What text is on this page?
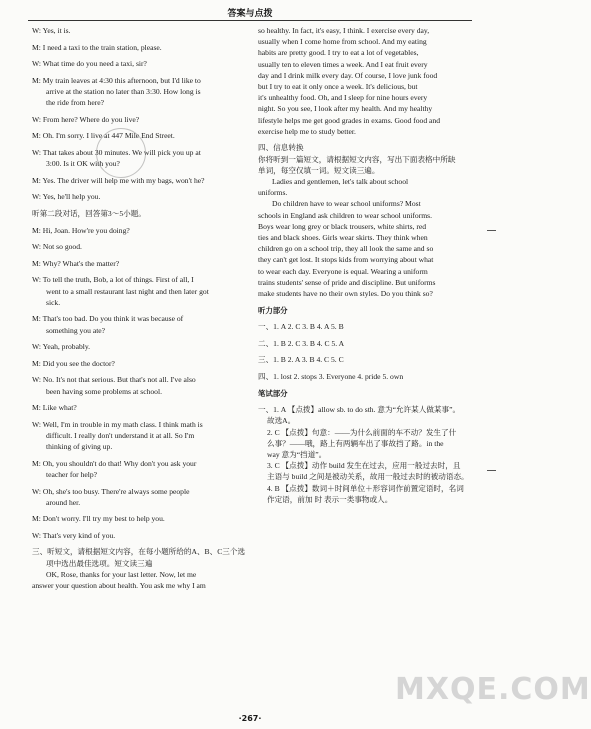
答案与点拨
W: Yes, it is.
M: I need a taxi to the train station, please.
W: What time do you need a taxi, sir?
M: My train leaves at 4:30 this afternoon, but I'd like to
arrive at the station no later than 3:30. How long is
the ride from here?
W: From here? Where do you live?
M: Oh. I'm sorry. I live at 447 Mile End Street.
W: That takes about 30 minutes. We will pick you up at
3:00. Is it OK with you?
M: Yes. The driver will help me with my bags, won't he?
W: Yes, he'll help you.
听第二段对话，回答第3～5小题。
M: Hi, Joan. How're you doing?
W: Not so good.
M: Why? What's the matter?
W: To tell the truth, Bob, a lot of things. First of all, I
went to a small restaurant last night and then later got
sick.
M: That's too bad. Do you think it was because of
something you ate?
W: Yeah, probably.
M: Did you see the doctor?
W: No. It's not that serious. But that's not all. I've also
been having some problems at school.
M: Like what?
W: Well, I'm in trouble in my math class. I think math is
difficult. I really don't understand it at all. So I'm
thinking of giving up.
M: Oh, you shouldn't do that! Why don't you ask your
teacher for help?
W: Oh, she's too busy. There're always some people
around her.
M: Don't worry. I'll try my best to help you.
W: That's very kind of you.
三、听短文，请根据短文内容，在每小题所给的A、B、C三个选
项中选出最佳选项。短文读三遍
OK, Rose, thanks for your last letter. Now, let me
answer your question about health. You ask me why I am
so healthy. In fact, it's easy, I think. I exercise every day,
usually when I come home from school. And my eating
habits are pretty good. I try to eat a lot of vegetables,
usually ten to eleven times a week. And I eat fruit every
day and I drink milk every day. Of course, I love junk food
but I try to eat it only once a week. It's delicious, but
it's unhealthy food. Oh, and I sleep for nine hours every
night. So you see, I look after my health. And my healthy
lifestyle helps me get good grades in exams. Good food and
exercise help me to study better.
四、信息转换
你将听到一篇短文，请根据短文内容，写出下面表格中所缺
单词，每空仅填一词。短文读三遍。
Ladies and gentlemen, let's talk about school
uniforms.
Do children have to wear school uniforms? Most
schools in England ask children to wear school uniforms.
Boys wear long grey or black trousers, white shirts, red
ties and black shoes. Girls wear skirts. They think when
children go on a school trip, they all look the same and so
they can't get lost. It stops kids from worrying about what
to wear each day. Everyone is equal. Wearing a uniform
trains students' sense of pride and discipline. But uniforms
make students have no their own styles. Do you think so?
听力部分
一、1. A 2. C 3. B 4. A 5. B
二、1. B 2. C 3. B 4. C 5. A
三、1. B 2. A 3. B 4. C 5. C
四、1. lost 2. stops 3. Everyone 4. pride 5. own
笔试部分
一、1. A 【点拨】allow sb. to do sth. 意为“允许某人做某事”。
故选A。
2. C 【点拨】句意：——为什么前面的车不动？发生了什
么事？——哦，路上有两辆车出了事故挡了路。in the
way 意为“挡道”。
3. C 【点拨】动作 build 发生在过去，应用一般过去时，且
主语与 build 之间是被动关系，故用一般过去时的被动语态。
4. B 【点拨】数词＋时间单位＋形容词作前置定语时，名词
作定语，前加 时 表示一类事物或人。
MXQE.COM
·267·
